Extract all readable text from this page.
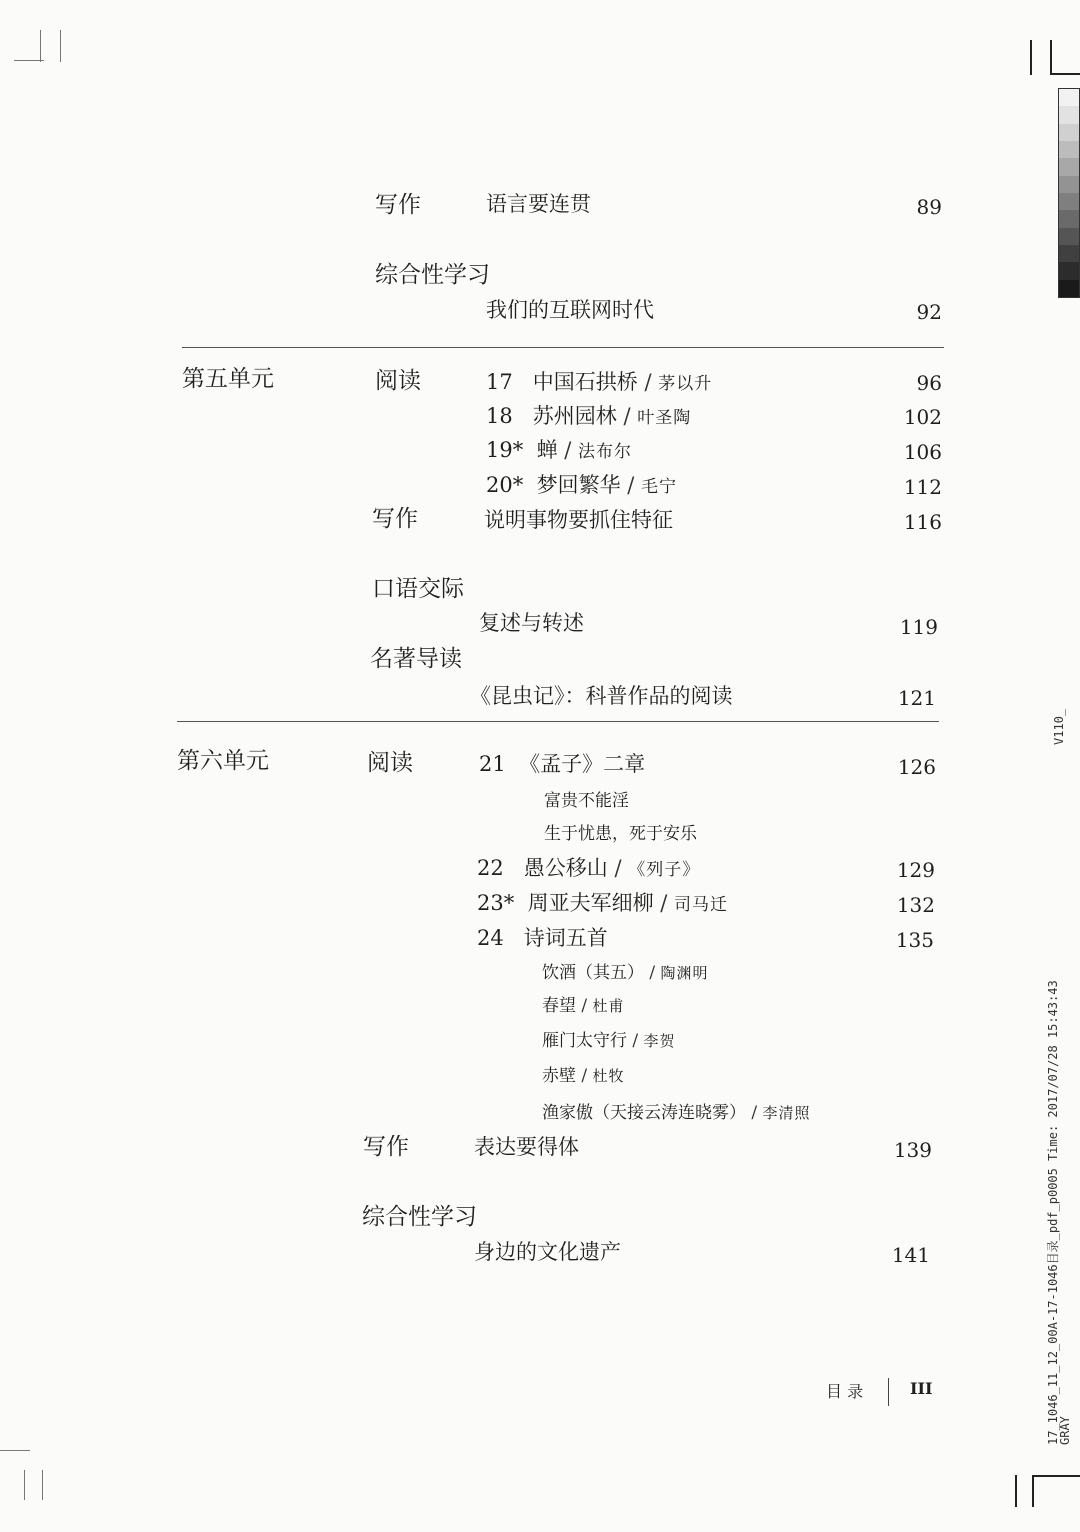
17_1046_11_12_00A-17-1046目录_pdf_p0005 Time: 2017/07/28 15:43:43
GRAY
V110_
写作	语言要连贯	89
综合性学习
我们的互联网时代	92
第五单元	阅读	17 中国石拱桥 / 茅以升	96
18 苏州园林 / 叶圣陶	102
19* 蝉 / 法布尔	106
20* 梦回繁华 / 毛宁	112
写作	说明事物要抓住特征	116
口语交际
复述与转述	119
名著导读
《昆虫记》：科普作品的阅读	121
第六单元	阅读	21 《孟子》二章	126
富贵不能淫
生于忧患，死于安乐
22 愚公移山 / 《列子》	129
23* 周亚夫军细柳 / 司马迁	132
24 诗词五首	135
饮酒（其五） / 陶渊明
春望 / 杜甫
雁门太守行 / 李贺
赤壁 / 杜牧
渔家傲（天接云涛连晓雾） / 李清照
写作	表达要得体	139
综合性学习
身边的文化遗产	141
目 录	III
